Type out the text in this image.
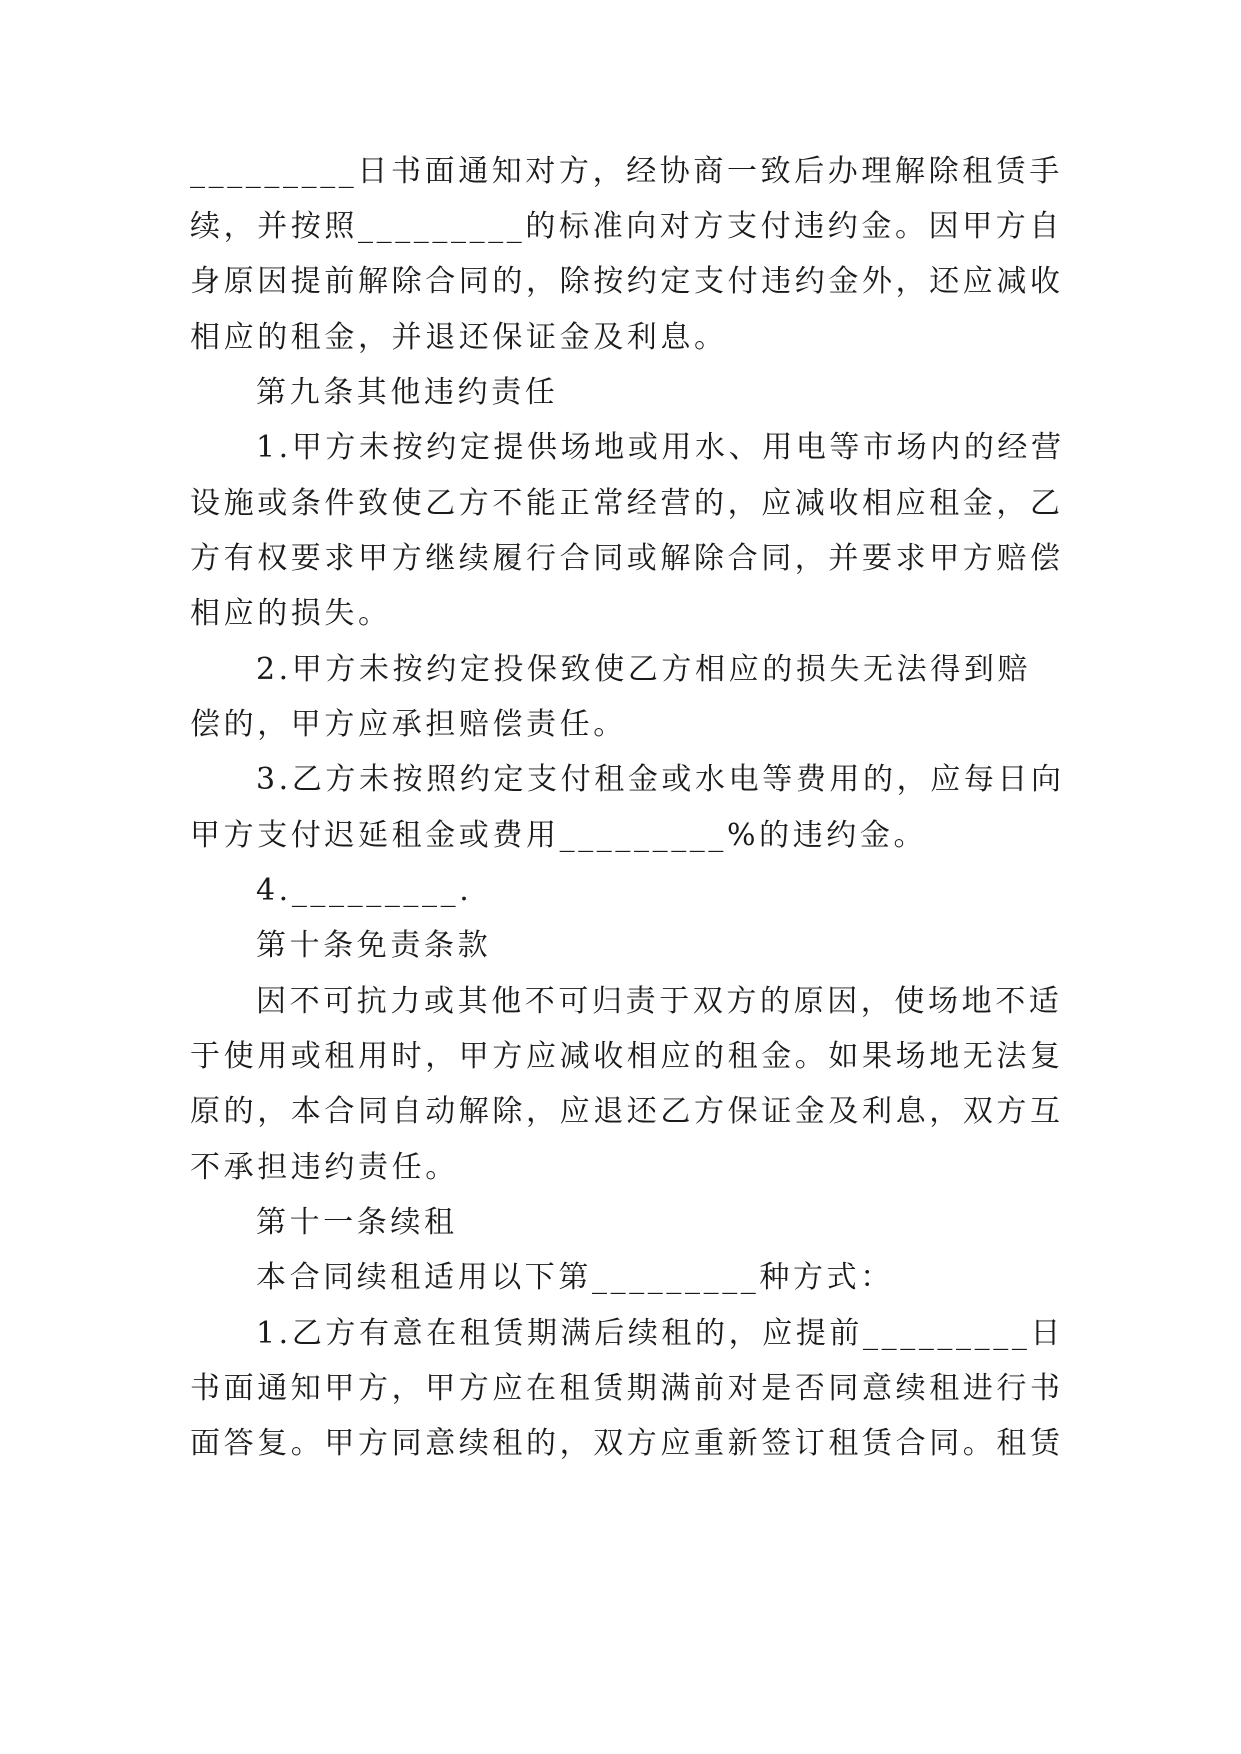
_________日书面通知对方，经协商一致后办理解除租赁手
续，并按照_________的标准向对方支付违约金。因甲方自
身原因提前解除合同的，除按约定支付违约金外，还应减收
相应的租金，并退还保证金及利息。
第九条其他违约责任
1.甲方未按约定提供场地或用水、用电等市场内的经营
设施或条件致使乙方不能正常经营的，应减收相应租金，乙
方有权要求甲方继续履行合同或解除合同，并要求甲方赔偿
相应的损失。
2.甲方未按约定投保致使乙方相应的损失无法得到赔
偿的，甲方应承担赔偿责任。
3.乙方未按照约定支付租金或水电等费用的，应每日向
甲方支付迟延租金或费用_________%的违约金。
4._________.
第十条免责条款
因不可抗力或其他不可归责于双方的原因，使场地不适
于使用或租用时，甲方应减收相应的租金。如果场地无法复
原的，本合同自动解除，应退还乙方保证金及利息，双方互
不承担违约责任。
第十一条续租
本合同续租适用以下第_________种方式：
1.乙方有意在租赁期满后续租的，应提前_________日
书面通知甲方，甲方应在租赁期满前对是否同意续租进行书
面答复。甲方同意续租的，双方应重新签订租赁合同。租赁
